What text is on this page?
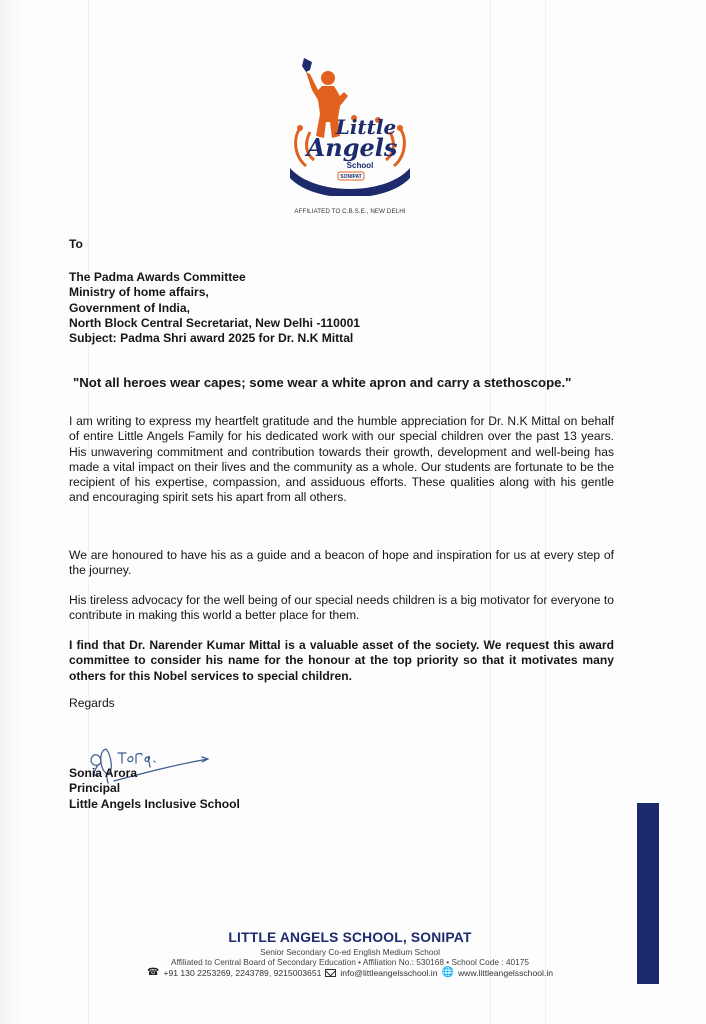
Little
Angels
School
SONIPAT
AFFILIATED TO C.B.S.E., NEW DELHI
To
The Padma Awards Committee
Ministry of home affairs,
Government of India,
North Block Central Secretariat, New Delhi -110001
Subject: Padma Shri award 2025 for Dr. N.K Mittal
"Not all heroes wear capes; some wear a white apron and carry a stethoscope."
I am writing to express my heartfelt gratitude and the humble appreciation for Dr. N.K Mittal on behalf of entire Little Angels Family for his dedicated work with our special children over the past 13 years. His unwavering commitment and contribution towards their growth, development and well-being has made a vital impact on their lives and the community as a whole. Our students are fortunate to be the recipient of his expertise, compassion, and assiduous efforts. These qualities along with his gentle and encouraging spirit sets his apart from all others.
We are honoured to have his as a guide and a beacon of hope and inspiration for us at every step of the journey.
His tireless advocacy for the well being of our special needs children is a big motivator for everyone to contribute in making this world a better place for them.
I find that Dr. Narender Kumar Mittal is a valuable asset of the society. We request this award committee to consider his name for the honour at the top priority so that it motivates many others for this Nobel services to special children.
Regards
Sonia Arora
Principal
Little Angels Inclusive School
LITTLE ANGELS SCHOOL, SONIPAT
Senior Secondary Co-ed English Medium School
Affiliated to Central Board of Secondary Education • Affiliation No.: 530168 • School Code : 40175
☎ +91 130 2253269, 2243789, 9215003651 info@littleangelsschool.in 🌐 www.littleangelsschool.in
